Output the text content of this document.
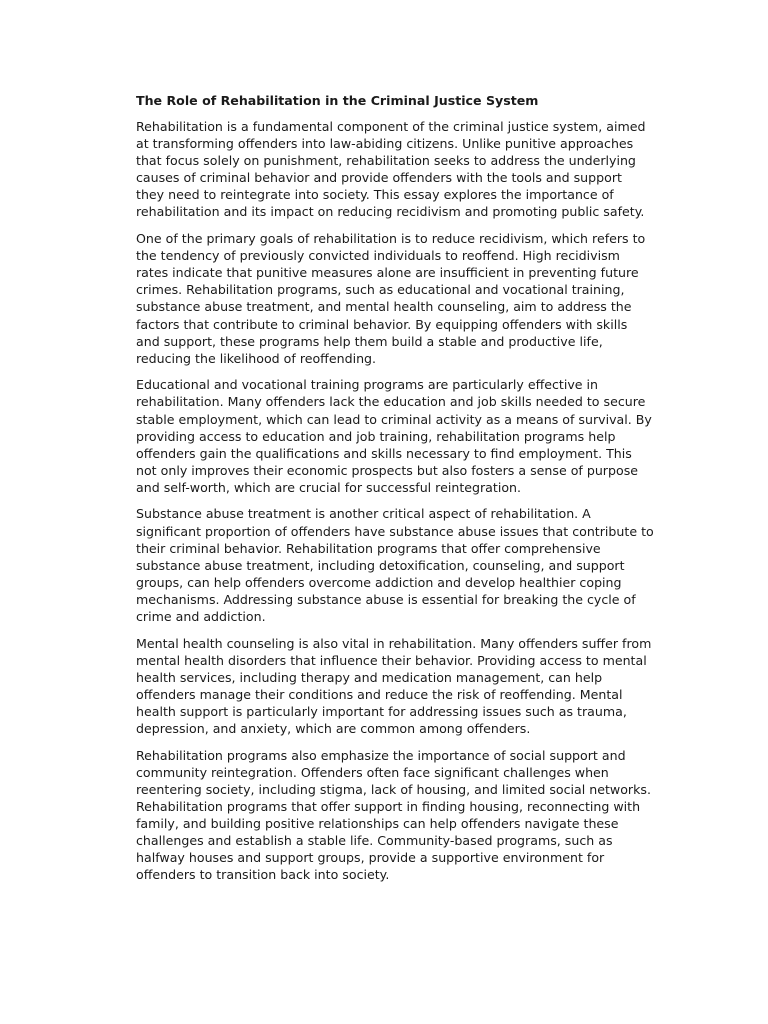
The Role of Rehabilitation in the Criminal Justice System

Rehabilitation is a fundamental component of the criminal justice system, aimed
at transforming offenders into law-abiding citizens. Unlike punitive approaches
that focus solely on punishment, rehabilitation seeks to address the underlying
causes of criminal behavior and provide offenders with the tools and support
they need to reintegrate into society. This essay explores the importance of
rehabilitation and its impact on reducing recidivism and promoting public safety.

One of the primary goals of rehabilitation is to reduce recidivism, which refers to
the tendency of previously convicted individuals to reoffend. High recidivism
rates indicate that punitive measures alone are insufficient in preventing future
crimes. Rehabilitation programs, such as educational and vocational training,
substance abuse treatment, and mental health counseling, aim to address the
factors that contribute to criminal behavior. By equipping offenders with skills
and support, these programs help them build a stable and productive life,
reducing the likelihood of reoffending.

Educational and vocational training programs are particularly effective in
rehabilitation. Many offenders lack the education and job skills needed to secure
stable employment, which can lead to criminal activity as a means of survival. By
providing access to education and job training, rehabilitation programs help
offenders gain the qualifications and skills necessary to find employment. This
not only improves their economic prospects but also fosters a sense of purpose
and self-worth, which are crucial for successful reintegration.

Substance abuse treatment is another critical aspect of rehabilitation. A
significant proportion of offenders have substance abuse issues that contribute to
their criminal behavior. Rehabilitation programs that offer comprehensive
substance abuse treatment, including detoxification, counseling, and support
groups, can help offenders overcome addiction and develop healthier coping
mechanisms. Addressing substance abuse is essential for breaking the cycle of
crime and addiction.

Mental health counseling is also vital in rehabilitation. Many offenders suffer from
mental health disorders that influence their behavior. Providing access to mental
health services, including therapy and medication management, can help
offenders manage their conditions and reduce the risk of reoffending. Mental
health support is particularly important for addressing issues such as trauma,
depression, and anxiety, which are common among offenders.

Rehabilitation programs also emphasize the importance of social support and
community reintegration. Offenders often face significant challenges when
reentering society, including stigma, lack of housing, and limited social networks.
Rehabilitation programs that offer support in finding housing, reconnecting with
family, and building positive relationships can help offenders navigate these
challenges and establish a stable life. Community-based programs, such as
halfway houses and support groups, provide a supportive environment for
offenders to transition back into society.
